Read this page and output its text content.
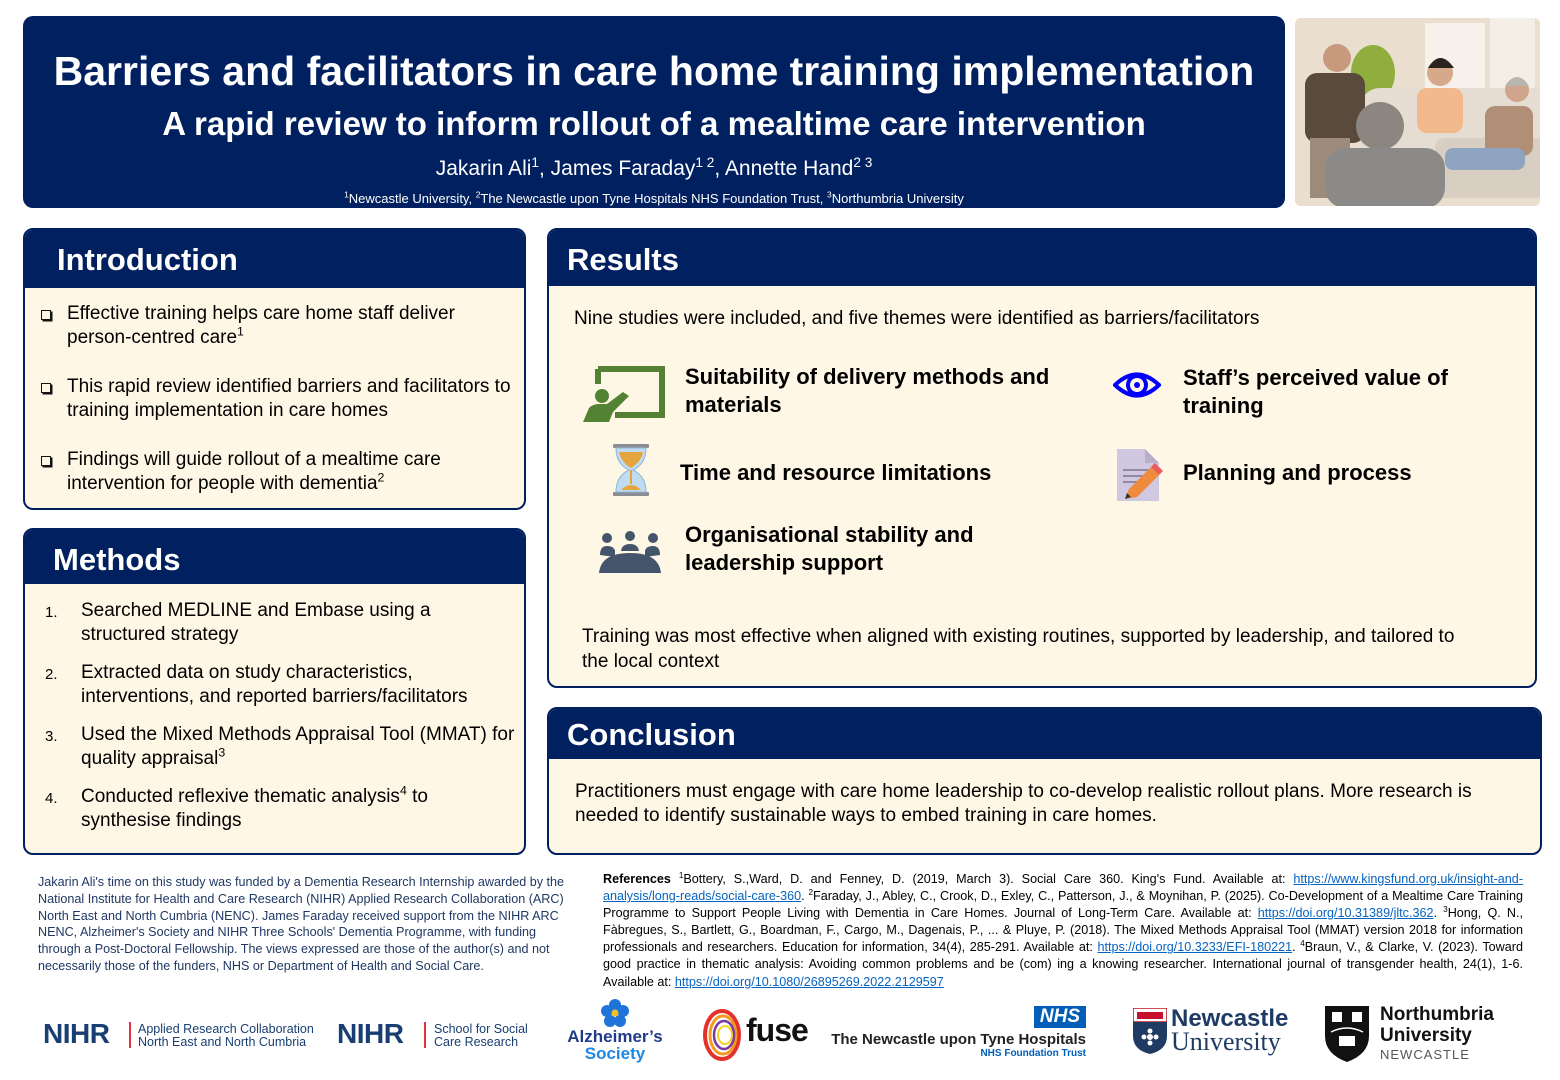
Barriers and facilitators in care home training implementation
A rapid review to inform rollout of a mealtime care intervention
Jakarin Ali$^1$, James Faraday$^{1 2}$, Annette Hand$^{2 3}$
$^1$Newcastle University, $^2$The Newcastle upon Tyne Hospitals NHS Foundation Trust, $^3$Northumbria University
Introduction
Effective training helps care home staff deliver person-centred care$^1$
This rapid review identified barriers and facilitators to training implementation in care homes
Findings will guide rollout of a mealtime care intervention for people with dementia$^2$
Methods
1. Searched MEDLINE and Embase using a structured strategy
2. Extracted data on study characteristics, interventions, and reported barriers/facilitators
3. Used the Mixed Methods Appraisal Tool (MMAT) for quality appraisal$^3$
4. Conducted reflexive thematic analysis$^4$ to synthesise findings
Results
Nine studies were included, and five themes were identified as barriers/facilitators
Suitability of delivery methods and materials
Time and resource limitations
Organisational stability and leadership support
Staff’s perceived value of training
Planning and process
Training was most effective when aligned with existing routines, supported by leadership, and tailored to the local context
Conclusion
Practitioners must engage with care home leadership to co-develop realistic rollout plans. More research is needed to identify sustainable ways to embed training in care homes.
Jakarin Ali's time on this study was funded by a Dementia Research Internship awarded by the National Institute for Health and Care Research (NIHR) Applied Research Collaboration (ARC) North East and North Cumbria (NENC). James Faraday received support from the NIHR ARC NENC, Alzheimer's Society and NIHR Three Schools' Dementia Programme, with funding through a Post-Doctoral Fellowship. The views expressed are those of the author(s) and not necessarily those of the funders, NHS or Department of Health and Social Care.
References $^1$Bottery, S.,Ward, D. and Fenney, D. (2019, March 3). Social Care 360. King's Fund. Available at: https://www.kingsfund.org.uk/insight-and-analysis/long-reads/social-care-360. $^2$Faraday, J., Abley, C., Crook, D., Exley, C., Patterson, J., & Moynihan, P. (2025). Co-Development of a Mealtime Care Training Programme to Support People Living with Dementia in Care Homes. Journal of Long-Term Care. Available at: https://doi.org/10.31389/jltc.362. $^3$Hong, Q. N., Fàbregues, S., Bartlett, G., Boardman, F., Cargo, M., Dagenais, P., ... & Pluye, P. (2018). The Mixed Methods Appraisal Tool (MMAT) version 2018 for information professionals and researchers. Education for information, 34(4), 285-291. Available at: https://doi.org/10.3233/EFI-180221. $^4$Braun, V., & Clarke, V. (2023). Toward good practice in thematic analysis: Avoiding common problems and be (com) ing a knowing researcher. International journal of transgender health, 24(1), 1-6. Available at: https://doi.org/10.1080/26895269.2022.2129597
NIHR Applied Research Collaboration
North East and North Cumbria NIHR School for Social
Care Research	Alzheimer’s
Society
fuse	NHS
The Newcastle upon Tyne Hospitals
NHS Foundation Trust
Newcastle
University
Northumbria
University
NEWCASTLE
